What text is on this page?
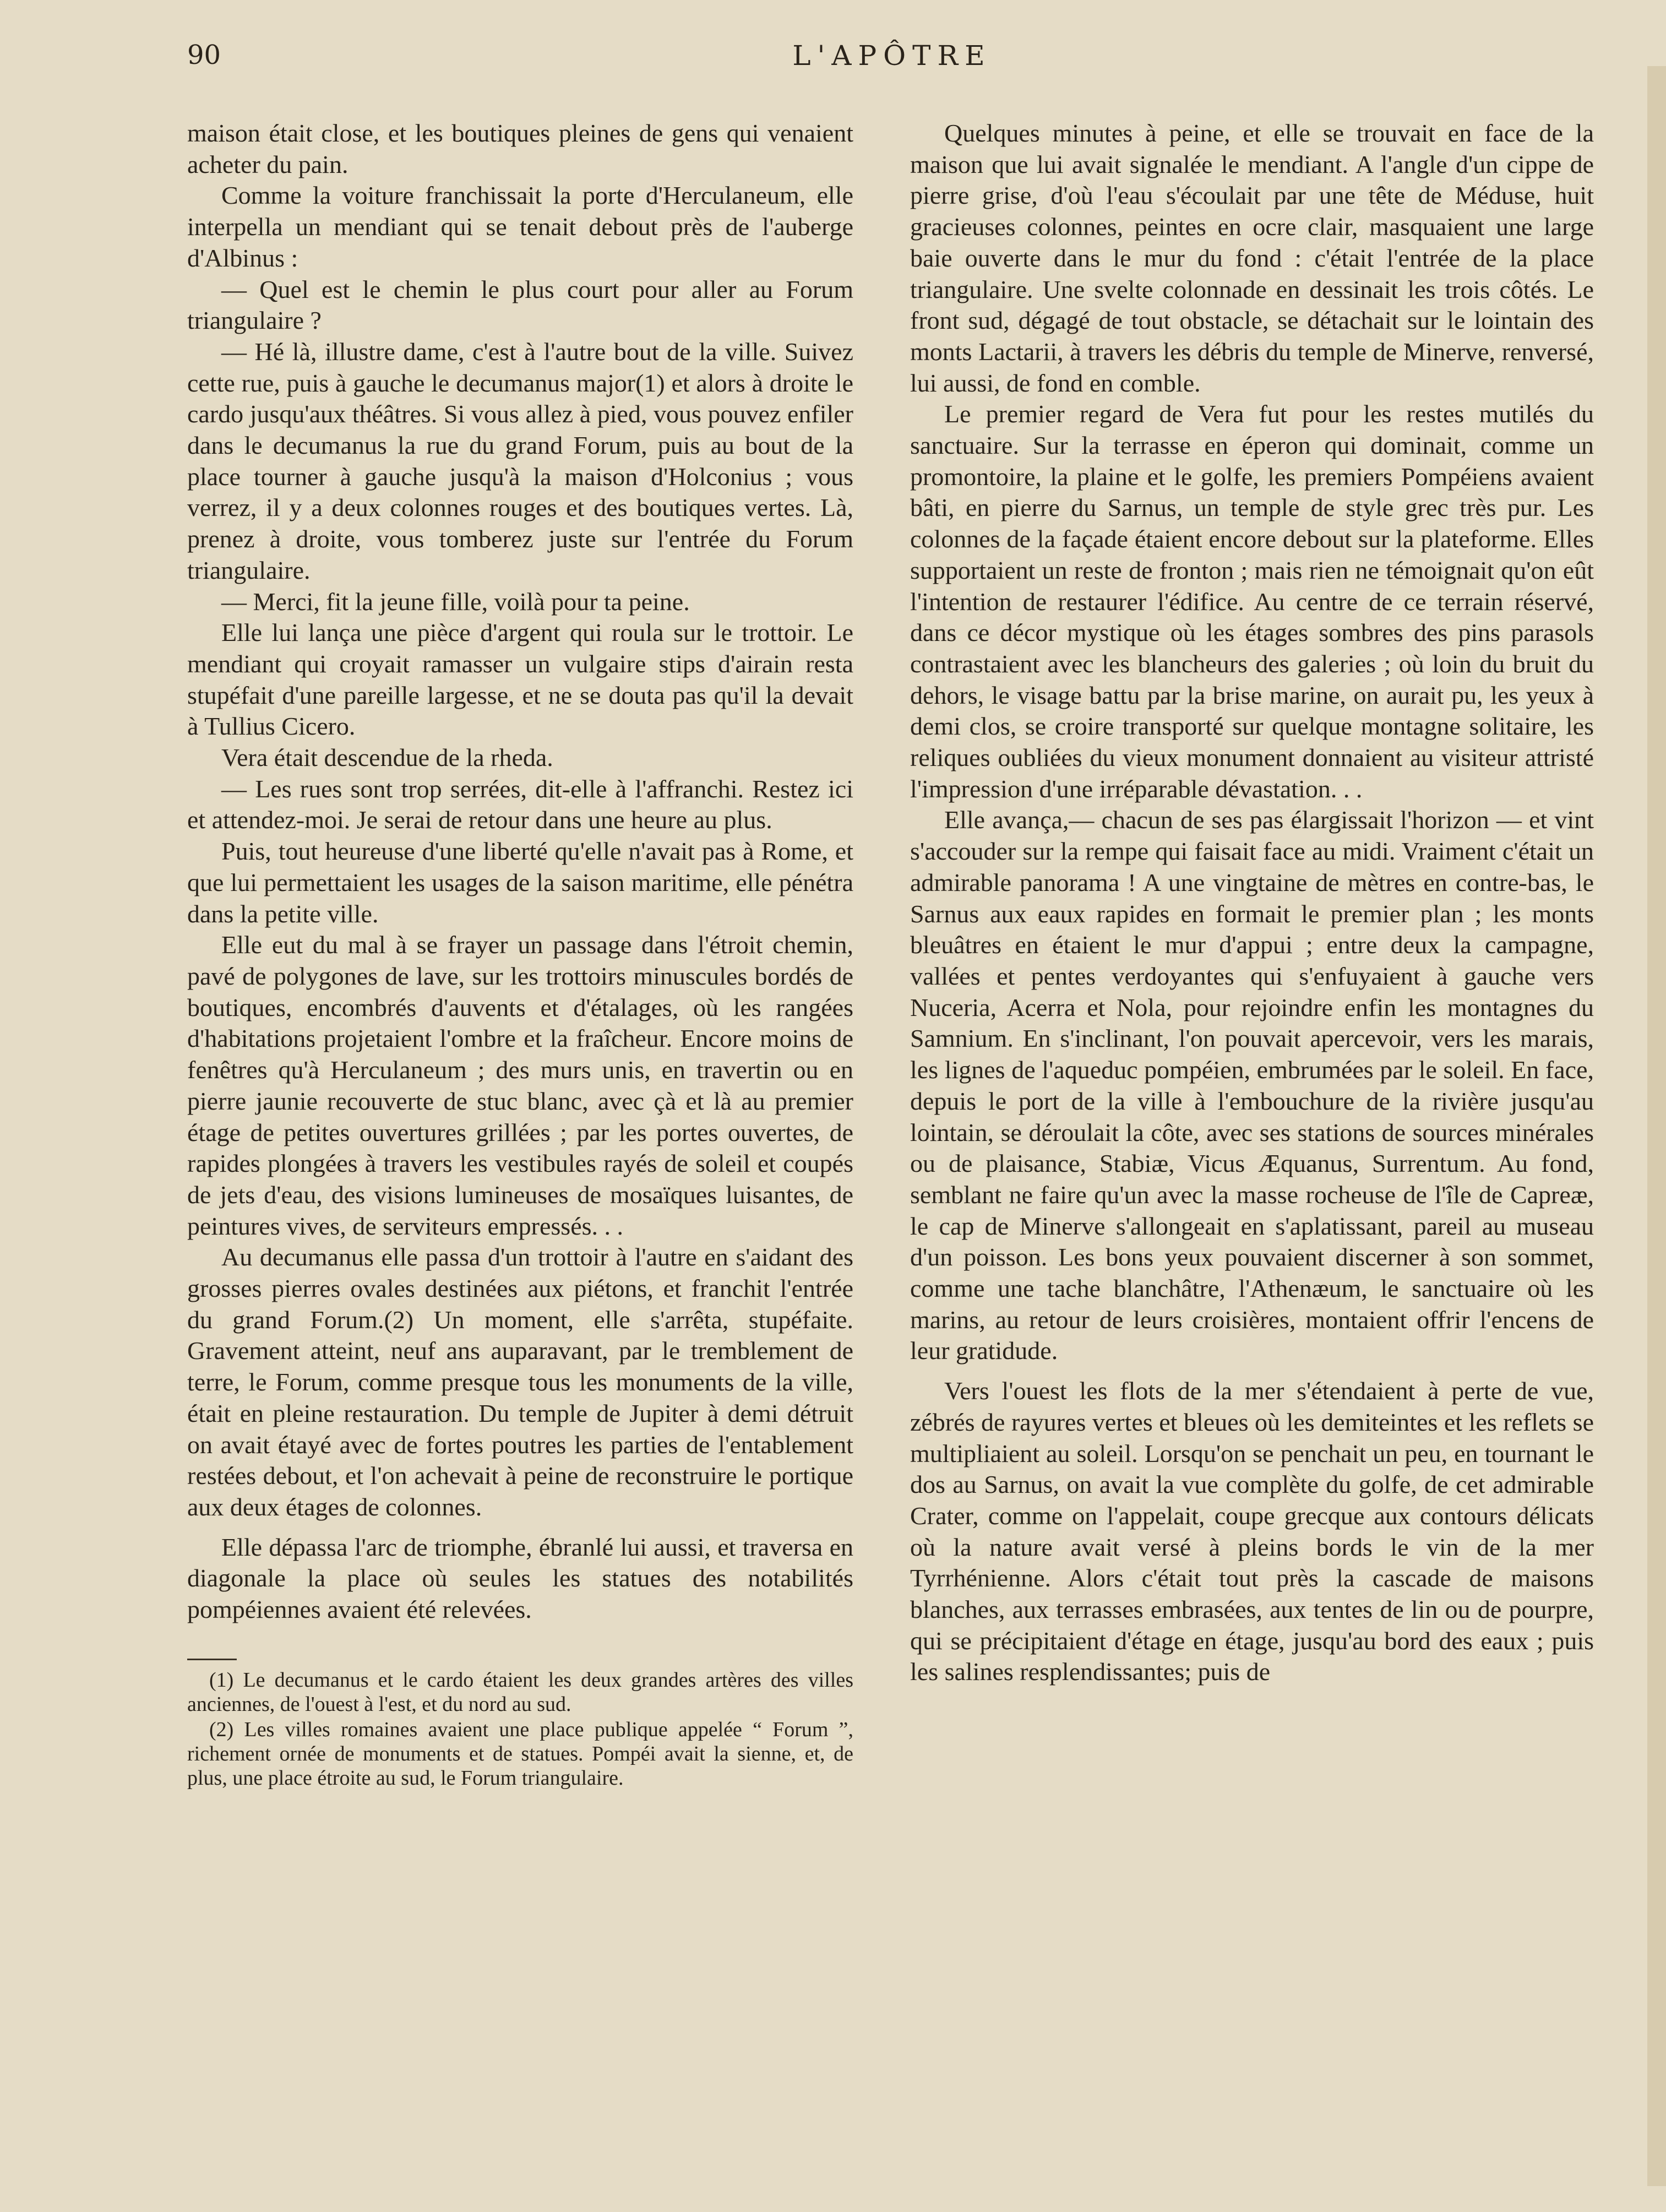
90	L'APÔTRE

maison était close, et les boutiques pleines de gens qui venaient acheter du pain.

Comme la voiture franchissait la porte d'Herculaneum, elle interpella un mendiant qui se tenait debout près de l'auberge d'Albinus :

— Quel est le chemin le plus court pour aller au Forum triangulaire ?

— Hé là, illustre dame, c'est à l'autre bout de la ville. Suivez cette rue, puis à gauche le decumanus major(1) et alors à droite le cardo jusqu'aux théâtres. Si vous allez à pied, vous pouvez enfiler dans le decumanus la rue du grand Forum, puis au bout de la place tourner à gauche jusqu'à la maison d'Holconius ; vous verrez, il y a deux colonnes rouges et des boutiques vertes. Là, prenez à droite, vous tomberez juste sur l'entrée du Forum triangulaire.

— Merci, fit la jeune fille, voilà pour ta peine.

Elle lui lança une pièce d'argent qui roula sur le trottoir. Le mendiant qui croyait ramasser un vulgaire stips d'airain resta stupéfait d'une pareille largesse, et ne se douta pas qu'il la devait à Tullius Cicero.

Vera était descendue de la rheda.

— Les rues sont trop serrées, dit-elle à l'affranchi. Restez ici et attendez-moi. Je serai de retour dans une heure au plus.

Puis, tout heureuse d'une liberté qu'elle n'avait pas à Rome, et que lui permettaient les usages de la saison maritime, elle pénétra dans la petite ville.

Elle eut du mal à se frayer un passage dans l'étroit chemin, pavé de polygones de lave, sur les trottoirs minuscules bordés de boutiques, encombrés d'auvents et d'étalages, où les rangées d'habitations projetaient l'ombre et la fraîcheur. Encore moins de fenêtres qu'à Herculaneum ; des murs unis, en travertin ou en pierre jaunie recouverte de stuc blanc, avec çà et là au premier étage de petites ouvertures grillées ; par les portes ouvertes, de rapides plongées à travers les vestibules rayés de soleil et coupés de jets d'eau, des visions lumineuses de mosaïques luisantes, de peintures vives, de serviteurs empressés. . .

Au decumanus elle passa d'un trottoir à l'autre en s'aidant des grosses pierres ovales destinées aux piétons, et franchit l'entrée du grand Forum.(2) Un moment, elle s'arrêta, stupéfaite. Gravement atteint, neuf ans auparavant, par le tremblement de terre, le Forum, comme presque tous les monuments de la ville, était en pleine restauration. Du temple de Jupiter à demi détruit on avait étayé avec de fortes poutres les parties de l'entablement restées debout, et l'on achevait à peine de reconstruire le portique aux deux étages de colonnes.

Elle dépassa l'arc de triomphe, ébranlé lui aussi, et traversa en diagonale la place où seules les statues des notabilités pompéiennes avaient été relevées.

(1) Le decumanus et le cardo étaient les deux grandes artères des villes anciennes, de l'ouest à l'est, et du nord au sud.

(2) Les villes romaines avaient une place publique appelée “ Forum ”, richement ornée de monuments et de statues. Pompéi avait la sienne, et, de plus, une place étroite au sud, le Forum triangulaire.

Quelques minutes à peine, et elle se trouvait en face de la maison que lui avait signalée le mendiant. A l'angle d'un cippe de pierre grise, d'où l'eau s'écoulait par une tête de Méduse, huit gracieuses colonnes, peintes en ocre clair, masquaient une large baie ouverte dans le mur du fond : c'était l'entrée de la place triangulaire. Une svelte colonnade en dessinait les trois côtés. Le front sud, dégagé de tout obstacle, se détachait sur le lointain des monts Lactarii, à travers les débris du temple de Minerve, renversé, lui aussi, de fond en comble.

Le premier regard de Vera fut pour les restes mutilés du sanctuaire. Sur la terrasse en éperon qui dominait, comme un promontoire, la plaine et le golfe, les premiers Pompéiens avaient bâti, en pierre du Sarnus, un temple de style grec très pur. Les colonnes de la façade étaient encore debout sur la plateforme. Elles supportaient un reste de fronton ; mais rien ne témoignait qu'on eût l'intention de restaurer l'édifice. Au centre de ce terrain réservé, dans ce décor mystique où les étages sombres des pins parasols contrastaient avec les blancheurs des galeries ; où loin du bruit du dehors, le visage battu par la brise marine, on aurait pu, les yeux à demi clos, se croire transporté sur quelque montagne solitaire, les reliques oubliées du vieux monument donnaient au visiteur attristé l'impression d'une irréparable dévastation. . .

Elle avança,— chacun de ses pas élargissait l'horizon — et vint s'accouder sur la rempe qui faisait face au midi. Vraiment c'était un admirable panorama ! A une vingtaine de mètres en contre-bas, le Sarnus aux eaux rapides en formait le premier plan ; les monts bleuâtres en étaient le mur d'appui ; entre deux la campagne, vallées et pentes verdoyantes qui s'enfuyaient à gauche vers Nuceria, Acerra et Nola, pour rejoindre enfin les montagnes du Samnium. En s'inclinant, l'on pouvait apercevoir, vers les marais, les lignes de l'aqueduc pompéien, embrumées par le soleil. En face, depuis le port de la ville à l'embouchure de la rivière jusqu'au lointain, se déroulait la côte, avec ses stations de sources minérales ou de plaisance, Stabiæ, Vicus Æquanus, Surrentum. Au fond, semblant ne faire qu'un avec la masse rocheuse de l'île de Capreæ, le cap de Minerve s'allongeait en s'aplatissant, pareil au museau d'un poisson. Les bons yeux pouvaient discerner à son sommet, comme une tache blanchâtre, l'Athenæum, le sanctuaire où les marins, au retour de leurs croisières, montaient offrir l'encens de leur gratidude.

Vers l'ouest les flots de la mer s'étendaient à perte de vue, zébrés de rayures vertes et bleues où les demiteintes et les reflets se multipliaient au soleil. Lorsqu'on se penchait un peu, en tournant le dos au Sarnus, on avait la vue complète du golfe, de cet admirable Crater, comme on l'appelait, coupe grecque aux contours délicats où la nature avait versé à pleins bords le vin de la mer Tyrrhénienne. Alors c'était tout près la cascade de maisons blanches, aux terrasses embrasées, aux tentes de lin ou de pourpre, qui se précipitaient d'étage en étage, jusqu'au bord des eaux ; puis les salines resplendissantes; puis de
